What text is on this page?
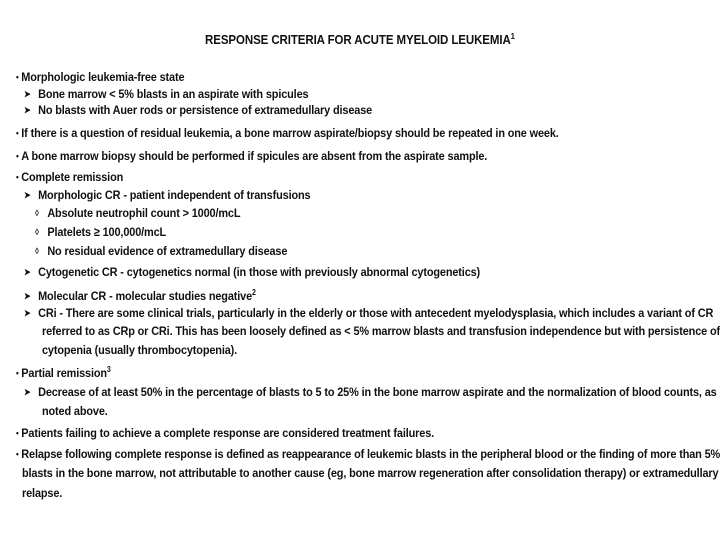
RESPONSE CRITERIA FOR ACUTE MYELOID LEUKEMIA$^1$
• Morphologic leukemia-free state
➤ Bone marrow < 5% blasts in an aspirate with spicules
➤ No blasts with Auer rods or persistence of extramedullary disease
• If there is a question of residual leukemia, a bone marrow aspirate/biopsy should be repeated in one week.
• A bone marrow biopsy should be performed if spicules are absent from the aspirate sample.
• Complete remission
➤ Morphologic CR - patient independent of transfusions
◊ Absolute neutrophil count > 1000/mcL
◊ Platelets ≥ 100,000/mcL
◊ No residual evidence of extramedullary disease
➤ Cytogenetic CR - cytogenetics normal (in those with previously abnormal cytogenetics)
➤ Molecular CR - molecular studies negative$^2$
➤ CRi - There are some clinical trials, particularly in the elderly or those with antecedent myelodysplasia, which includes a variant of CR
referred to as CRp or CRi. This has been loosely defined as < 5% marrow blasts and transfusion independence but with persistence of
cytopenia (usually thrombocytopenia).
• Partial remission$^3$
➤ Decrease of at least 50% in the percentage of blasts to 5 to 25% in the bone marrow aspirate and the normalization of blood counts, as
noted above.
• Patients failing to achieve a complete response are considered treatment failures.
• Relapse following complete response is defined as reappearance of leukemic blasts in the peripheral blood or the finding of more than 5%
blasts in the bone marrow, not attributable to another cause (eg, bone marrow regeneration after consolidation therapy) or extramedullary
relapse.
